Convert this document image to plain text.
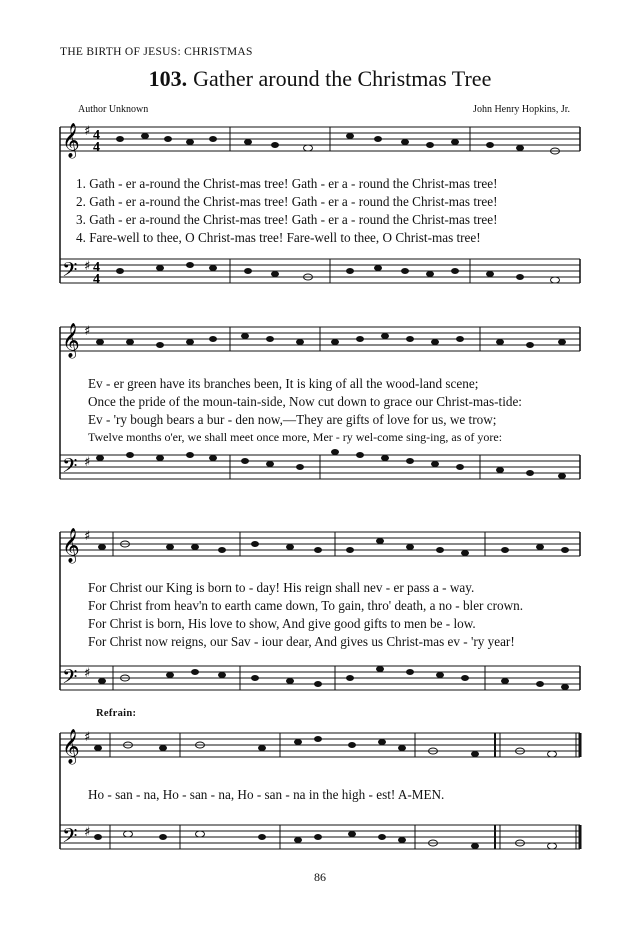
THE BIRTH OF JESUS: CHRISTMAS
103. Gather around the Christmas Tree
Author Unknown	John Henry Hopkins, Jr.
𝄞
𝄢
♯
♯
4
4
4
4
1. Gath - er a-round the Christ-mas tree! Gath - er a - round the Christ-mas tree!
2. Gath - er a-round the Christ-mas tree! Gath - er a - round the Christ-mas tree!
3. Gath - er a-round the Christ-mas tree! Gath - er a - round the Christ-mas tree!
4. Fare-well to thee, O Christ-mas tree! Fare-well to thee, O Christ-mas tree!
𝄞
𝄢
♯
♯
Ev - er green have its branches been, It is king of all the wood-land scene;
Once the pride of the moun-tain-side, Now cut down to grace our Christ-mas-tide:
Ev - 'ry bough bears a bur - den now,—They are gifts of love for us, we trow;
Twelve months o'er, we shall meet once more, Mer - ry wel-come sing-ing, as of yore:
𝄞
𝄢
♯
♯
For Christ our King is born to - day! His reign shall nev - er pass a - way.
For Christ from heav'n to earth came down, To gain, thro' death, a no - bler crown.
For Christ is born, His love to show, And give good gifts to men be - low.
For Christ now reigns, our Sav - iour dear, And gives us Christ-mas ev - 'ry year!
Refrain:
𝄞
𝄢
♯
♯
Ho - san - na, Ho - san - na, Ho - san - na in the high - est! A-MEN.
86
